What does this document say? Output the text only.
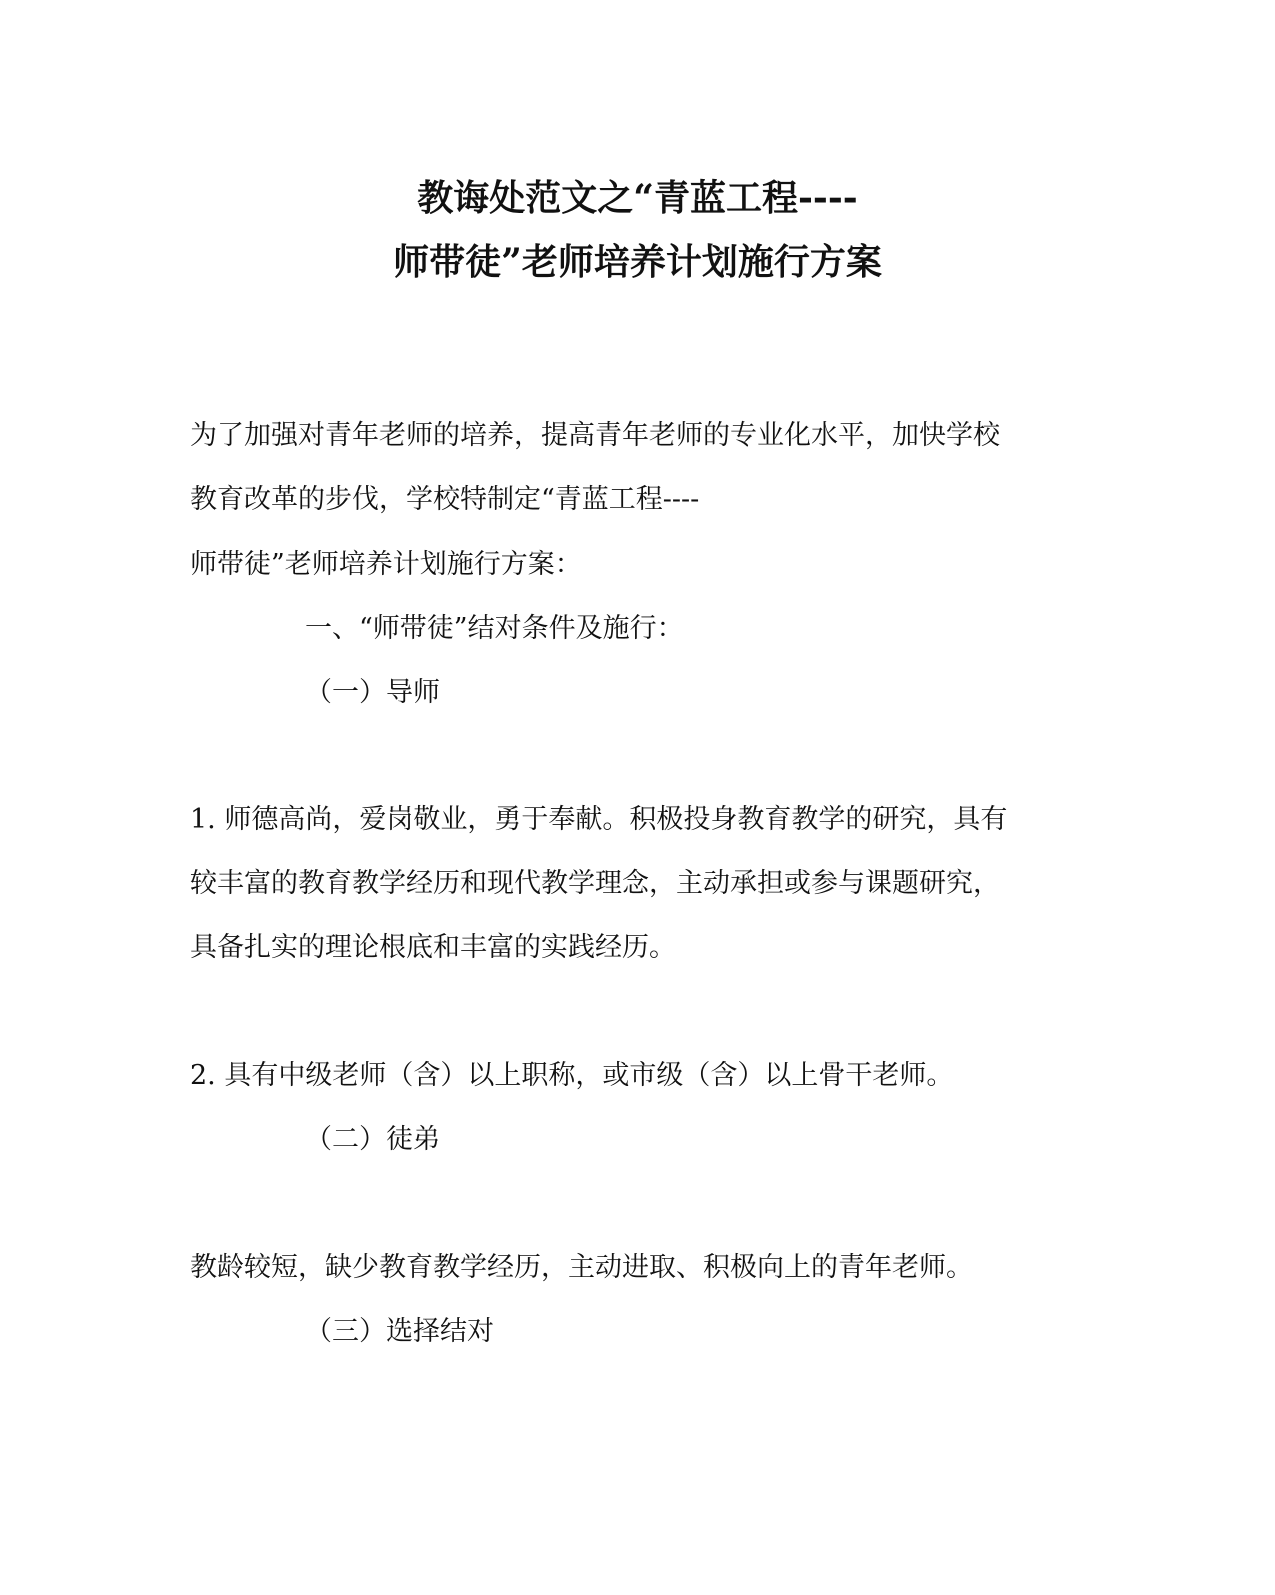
教诲处范文之“青蓝工程----
师带徒”老师培养计划施行方案
为了加强对青年老师的培养，提高青年老师的专业化水平，加快学校
教育改革的步伐，学校特制定“青蓝工程----
师带徒”老师培养计划施行方案：
一、“师带徒”结对条件及施行：
（一）导师
1. 师德高尚，爱岗敬业，勇于奉献。积极投身教育教学的研究，具有
较丰富的教育教学经历和现代教学理念，主动承担或参与课题研究，
具备扎实的理论根底和丰富的实践经历。
2. 具有中级老师（含）以上职称，或市级（含）以上骨干老师。
（二）徒弟
教龄较短，缺少教育教学经历，主动进取、积极向上的青年老师。
（三）选择结对
